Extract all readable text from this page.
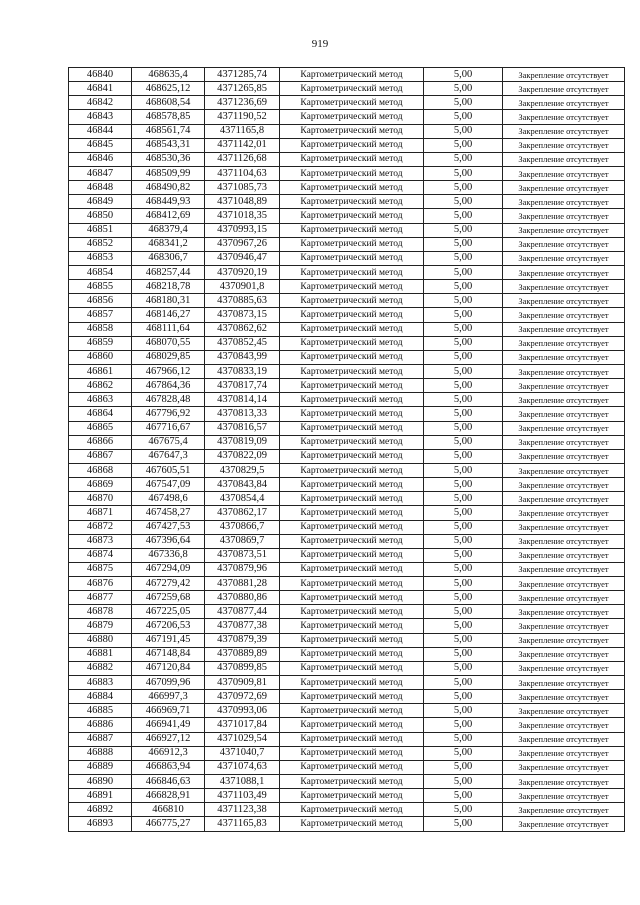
919
46840	468635,4	4371285,74	Картометрический метод	5,00	Закрепление отсутствует
46841	468625,12	4371265,85	Картометрический метод	5,00	Закрепление отсутствует
46842	468608,54	4371236,69	Картометрический метод	5,00	Закрепление отсутствует
46843	468578,85	4371190,52	Картометрический метод	5,00	Закрепление отсутствует
46844	468561,74	4371165,8	Картометрический метод	5,00	Закрепление отсутствует
46845	468543,31	4371142,01	Картометрический метод	5,00	Закрепление отсутствует
46846	468530,36	4371126,68	Картометрический метод	5,00	Закрепление отсутствует
46847	468509,99	4371104,63	Картометрический метод	5,00	Закрепление отсутствует
46848	468490,82	4371085,73	Картометрический метод	5,00	Закрепление отсутствует
46849	468449,93	4371048,89	Картометрический метод	5,00	Закрепление отсутствует
46850	468412,69	4371018,35	Картометрический метод	5,00	Закрепление отсутствует
46851	468379,4	4370993,15	Картометрический метод	5,00	Закрепление отсутствует
46852	468341,2	4370967,26	Картометрический метод	5,00	Закрепление отсутствует
46853	468306,7	4370946,47	Картометрический метод	5,00	Закрепление отсутствует
46854	468257,44	4370920,19	Картометрический метод	5,00	Закрепление отсутствует
46855	468218,78	4370901,8	Картометрический метод	5,00	Закрепление отсутствует
46856	468180,31	4370885,63	Картометрический метод	5,00	Закрепление отсутствует
46857	468146,27	4370873,15	Картометрический метод	5,00	Закрепление отсутствует
46858	468111,64	4370862,62	Картометрический метод	5,00	Закрепление отсутствует
46859	468070,55	4370852,45	Картометрический метод	5,00	Закрепление отсутствует
46860	468029,85	4370843,99	Картометрический метод	5,00	Закрепление отсутствует
46861	467966,12	4370833,19	Картометрический метод	5,00	Закрепление отсутствует
46862	467864,36	4370817,74	Картометрический метод	5,00	Закрепление отсутствует
46863	467828,48	4370814,14	Картометрический метод	5,00	Закрепление отсутствует
46864	467796,92	4370813,33	Картометрический метод	5,00	Закрепление отсутствует
46865	467716,67	4370816,57	Картометрический метод	5,00	Закрепление отсутствует
46866	467675,4	4370819,09	Картометрический метод	5,00	Закрепление отсутствует
46867	467647,3	4370822,09	Картометрический метод	5,00	Закрепление отсутствует
46868	467605,51	4370829,5	Картометрический метод	5,00	Закрепление отсутствует
46869	467547,09	4370843,84	Картометрический метод	5,00	Закрепление отсутствует
46870	467498,6	4370854,4	Картометрический метод	5,00	Закрепление отсутствует
46871	467458,27	4370862,17	Картометрический метод	5,00	Закрепление отсутствует
46872	467427,53	4370866,7	Картометрический метод	5,00	Закрепление отсутствует
46873	467396,64	4370869,7	Картометрический метод	5,00	Закрепление отсутствует
46874	467336,8	4370873,51	Картометрический метод	5,00	Закрепление отсутствует
46875	467294,09	4370879,96	Картометрический метод	5,00	Закрепление отсутствует
46876	467279,42	4370881,28	Картометрический метод	5,00	Закрепление отсутствует
46877	467259,68	4370880,86	Картометрический метод	5,00	Закрепление отсутствует
46878	467225,05	4370877,44	Картометрический метод	5,00	Закрепление отсутствует
46879	467206,53	4370877,38	Картометрический метод	5,00	Закрепление отсутствует
46880	467191,45	4370879,39	Картометрический метод	5,00	Закрепление отсутствует
46881	467148,84	4370889,89	Картометрический метод	5,00	Закрепление отсутствует
46882	467120,84	4370899,85	Картометрический метод	5,00	Закрепление отсутствует
46883	467099,96	4370909,81	Картометрический метод	5,00	Закрепление отсутствует
46884	466997,3	4370972,69	Картометрический метод	5,00	Закрепление отсутствует
46885	466969,71	4370993,06	Картометрический метод	5,00	Закрепление отсутствует
46886	466941,49	4371017,84	Картометрический метод	5,00	Закрепление отсутствует
46887	466927,12	4371029,54	Картометрический метод	5,00	Закрепление отсутствует
46888	466912,3	4371040,7	Картометрический метод	5,00	Закрепление отсутствует
46889	466863,94	4371074,63	Картометрический метод	5,00	Закрепление отсутствует
46890	466846,63	4371088,1	Картометрический метод	5,00	Закрепление отсутствует
46891	466828,91	4371103,49	Картометрический метод	5,00	Закрепление отсутствует
46892	466810	4371123,38	Картометрический метод	5,00	Закрепление отсутствует
46893	466775,27	4371165,83	Картометрический метод	5,00	Закрепление отсутствует
